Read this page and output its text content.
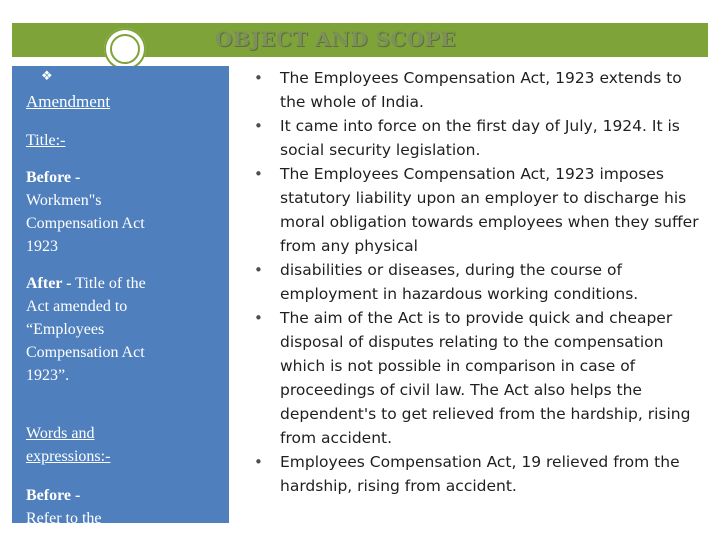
OBJECT AND SCOPE
❖
Amendment
Title:-

Before -
Workmen"s Compensation Act 1923

After - Title of the Act amended to “Employees Compensation Act 1923”.

Words and expressions:-

Before -
Refer to the

• The Employees Compensation Act, 1923 extends to the whole of India.
• It came into force on the first day of July, 1924. It is social security legislation.
• The Employees Compensation Act, 1923 imposes statutory liability upon an employer to discharge his moral obligation towards employees when they suffer from any physical
• disabilities or diseases, during the course of employment in hazardous working conditions.
• The aim of the Act is to provide quick and cheaper disposal of disputes relating to the compensation which is not possible in comparison in case of proceedings of civil law. The Act also helps the dependent's to get relieved from the hardship, rising from accident.
• Employees Compensation Act, 19 relieved from the hardship, rising from accident.
